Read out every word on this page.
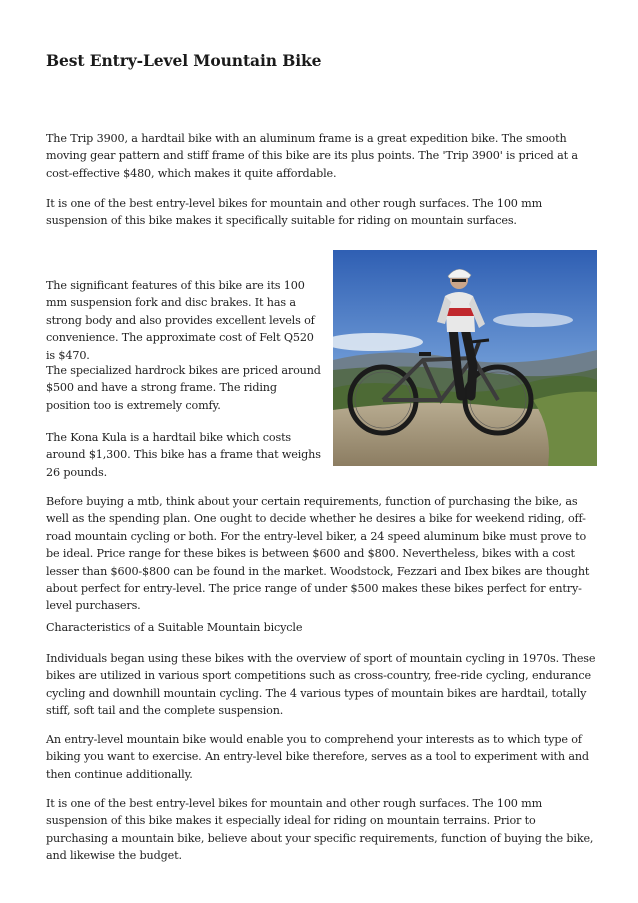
Best Entry-Level Mountain Bike

The Trip 3900, a hardtail bike with an aluminum frame is a great expedition bike. The smooth moving gear pattern and stiff frame of this bike are its plus points. The 'Trip 3900' is priced at a cost-effective $480, which makes it quite affordable.

It is one of the best entry-level bikes for mountain and other rough surfaces. The 100 mm suspension of this bike makes it specifically suitable for riding on mountain surfaces.

The significant features of this bike are its 100 mm suspension fork and disc brakes. It has a strong body and also provides excellent levels of convenience. The approximate cost of Felt Q520 is $470.

The specialized hardrock bikes are priced around $500 and have a strong frame. The riding position too is extremely comfy.

The Kona Kula is a hardtail bike which costs around $1,300. This bike has a frame that weighs 26 pounds.

Before buying a mtb, think about your certain requirements, function of purchasing the bike, as well as the spending plan. One ought to decide whether he desires a bike for weekend riding, off-road mountain cycling or both. For the entry-level biker, a 24 speed aluminum bike must prove to be ideal. Price range for these bikes is between $600 and $800. Nevertheless, bikes with a cost lesser than $600-$800 can be found in the market. Woodstock, Fezzari and Ibex bikes are thought about perfect for entry-level. The price range of under $500 makes these bikes perfect for entry-level purchasers.

Characteristics of a Suitable Mountain bicycle

Individuals began using these bikes with the overview of sport of mountain cycling in 1970s. These bikes are utilized in various sport competitions such as cross-country, free-ride cycling, endurance cycling and downhill mountain cycling. The 4 various types of mountain bikes are hardtail, totally stiff, soft tail and the complete suspension.

An entry-level mountain bike would enable you to comprehend your interests as to which type of biking you want to exercise. An entry-level bike therefore, serves as a tool to experiment with and then continue additionally.

It is one of the best entry-level bikes for mountain and other rough surfaces. The 100 mm suspension of this bike makes it especially ideal for riding on mountain terrains. Prior to purchasing a mountain bike, believe about your specific requirements, function of buying the bike, and likewise the budget.
